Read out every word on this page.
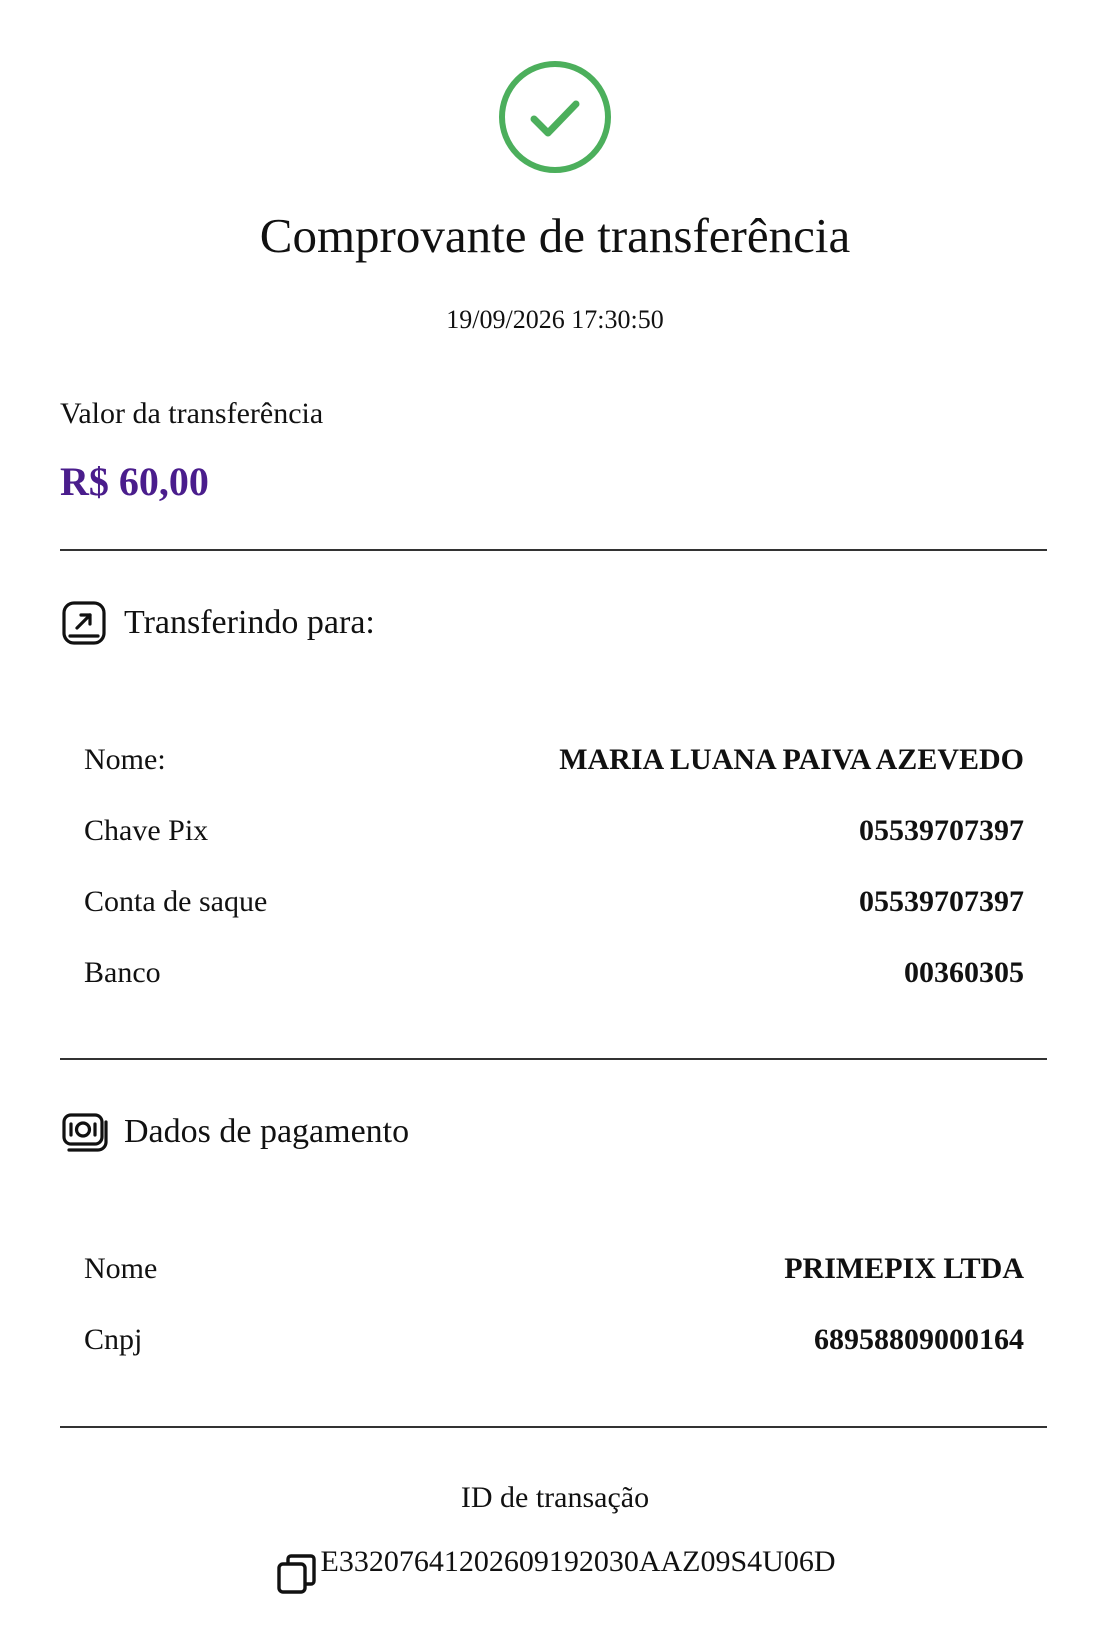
Comprovante de transferência
19/09/2026 17:30:50
Valor da transferência
R$ 60,00
Transferindo para:
Nome:	MARIA LUANA PAIVA AZEVEDO
Chave Pix	05539707397
Conta de saque	05539707397
Banco	00360305
Dados de pagamento
Nome	PRIMEPIX LTDA
Cnpj	68958809000164
ID de transação
E33207641202609192030AAZ09S4U06D
